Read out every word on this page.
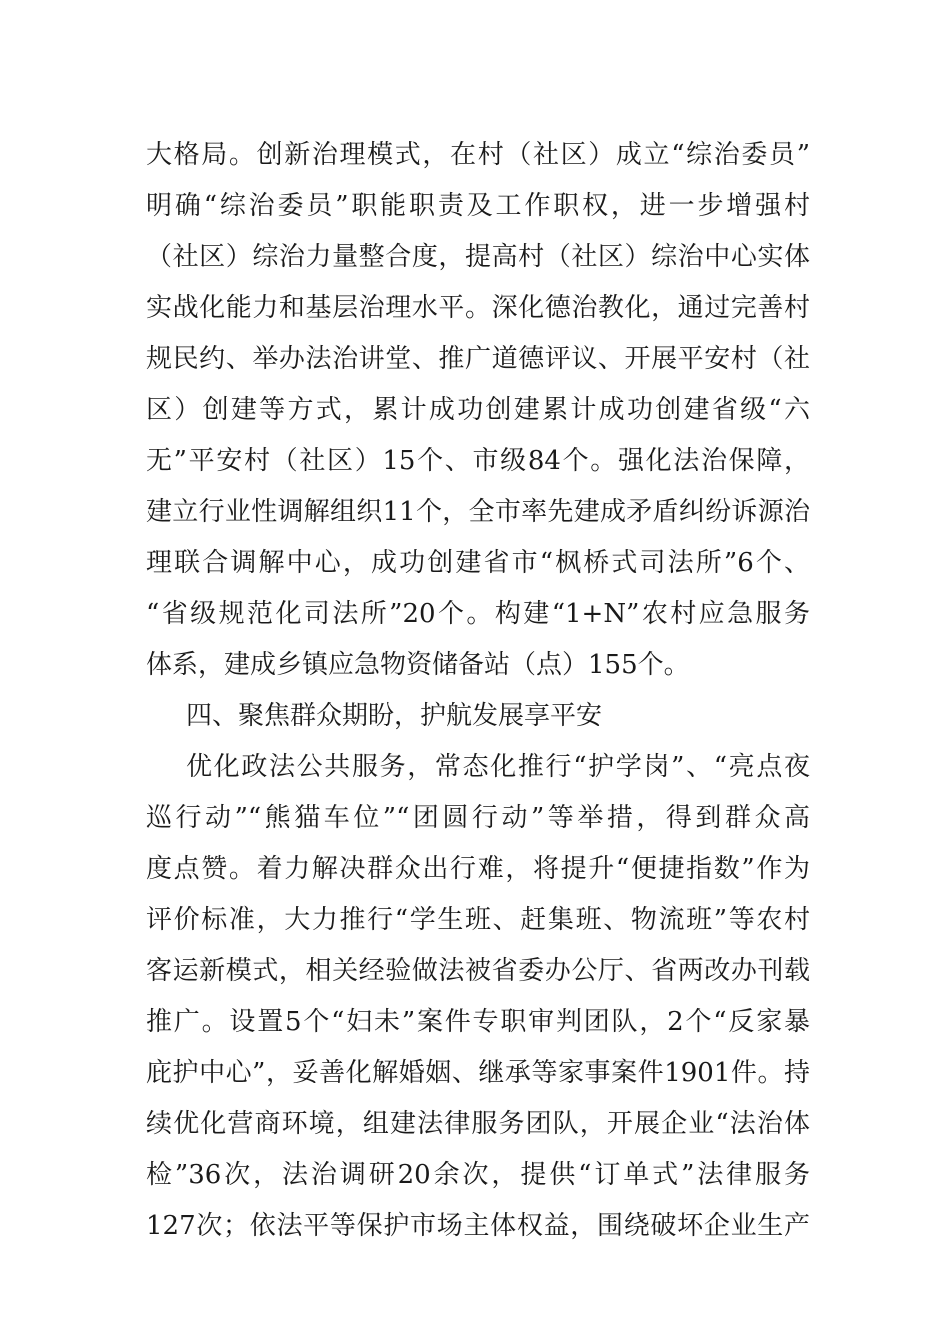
大格局。创新治理模式，在村（社区）成立“综治委员”
明确“综治委员”职能职责及工作职权，进一步增强村
（社区）综治力量整合度，提高村（社区）综治中心实体
实战化能力和基层治理水平。深化德治教化，通过完善村
规民约、举办法治讲堂、推广道德评议、开展平安村（社
区）创建等方式，累计成功创建累计成功创建省级“六
无”平安村（社区）15个、市级84个。强化法治保障，
建立行业性调解组织11个，全市率先建成矛盾纠纷诉源治
理联合调解中心，成功创建省市“枫桥式司法所”6个、
“省级规范化司法所”20个。构建“1+N”农村应急服务
体系，建成乡镇应急物资储备站（点）155个。
四、聚焦群众期盼，护航发展享平安
优化政法公共服务，常态化推行“护学岗”、“亮点夜
巡行动”“熊猫车位”“团圆行动”等举措，得到群众高
度点赞。着力解决群众出行难，将提升“便捷指数”作为
评价标准，大力推行“学生班、赶集班、物流班”等农村
客运新模式，相关经验做法被省委办公厅、省两改办刊载
推广。设置5个“妇未”案件专职审判团队，2个“反家暴
庇护中心”，妥善化解婚姻、继承等家事案件1901件。持
续优化营商环境，组建法律服务团队，开展企业“法治体
检”36次，法治调研20余次，提供“订单式”法律服务
127次；依法平等保护市场主体权益，围绕破坏企业生产
